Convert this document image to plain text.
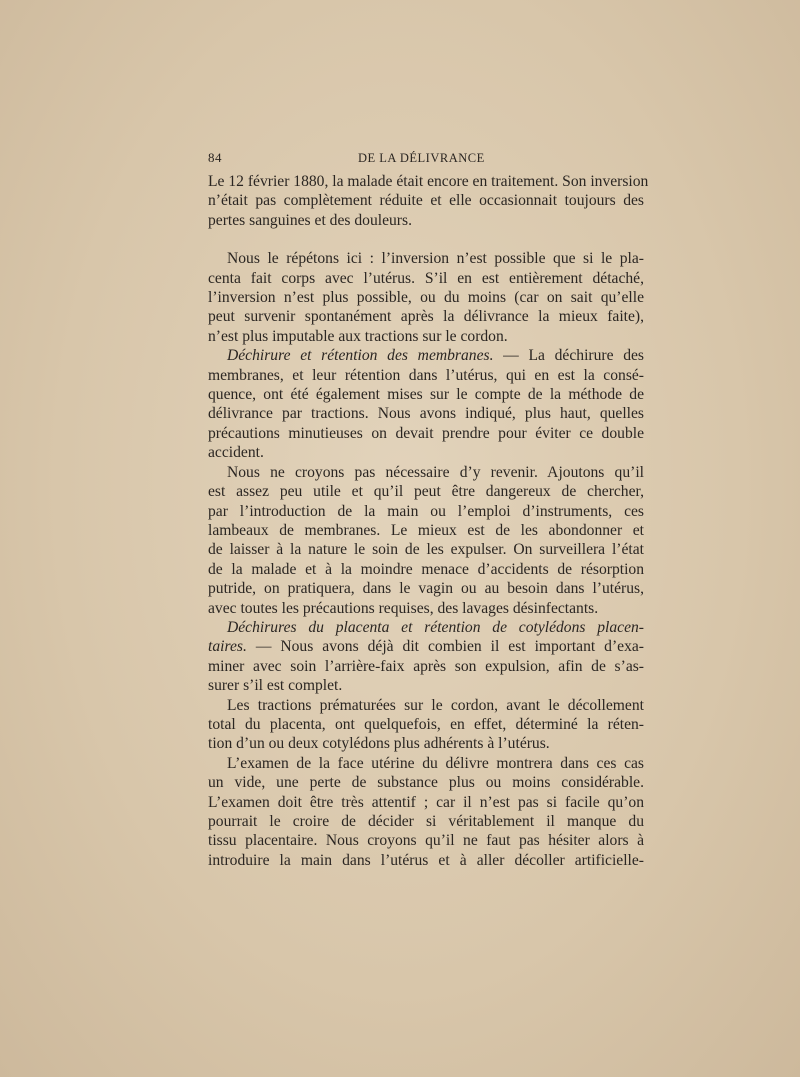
84	DE LA DÉLIVRANCE

Le 12 février 1880, la malade était encore en traitement. Son inversion
n’était pas complètement réduite et elle occasionnait toujours des
pertes sanguines et des douleurs.

Nous le répétons ici : l’inversion n’est possible que si le pla-
centa fait corps avec l’utérus. S’il en est entièrement détaché,
l’inversion n’est plus possible, ou du moins (car on sait qu’elle
peut survenir spontanément après la délivrance la mieux faite),
n’est plus imputable aux tractions sur le cordon.

Déchirure et rétention des membranes. — La déchirure des
membranes, et leur rétention dans l’utérus, qui en est la consé-
quence, ont été également mises sur le compte de la méthode de
délivrance par tractions. Nous avons indiqué, plus haut, quelles
précautions minutieuses on devait prendre pour éviter ce double
accident.

Nous ne croyons pas nécessaire d’y revenir. Ajoutons qu’il
est assez peu utile et qu’il peut être dangereux de chercher,
par l’introduction de la main ou l’emploi d’instruments, ces
lambeaux de membranes. Le mieux est de les abondonner et
de laisser à la nature le soin de les expulser. On surveillera l’état
de la malade et à la moindre menace d’accidents de résorption
putride, on pratiquera, dans le vagin ou au besoin dans l’utérus,
avec toutes les précautions requises, des lavages désinfectants.

Déchirures du placenta et rétention de cotylédons placen-
taires. — Nous avons déjà dit combien il est important d’exa-
miner avec soin l’arrière-faix après son expulsion, afin de s’as-
surer s’il est complet.

Les tractions prématurées sur le cordon, avant le décollement
total du placenta, ont quelquefois, en effet, déterminé la réten-
tion d’un ou deux cotylédons plus adhérents à l’utérus.

L’examen de la face utérine du délivre montrera dans ces cas
un vide, une perte de substance plus ou moins considérable.
L’examen doit être très attentif ; car il n’est pas si facile qu’on
pourrait le croire de décider si véritablement il manque du
tissu placentaire. Nous croyons qu’il ne faut pas hésiter alors à
introduire la main dans l’utérus et à aller décoller artificielle-
